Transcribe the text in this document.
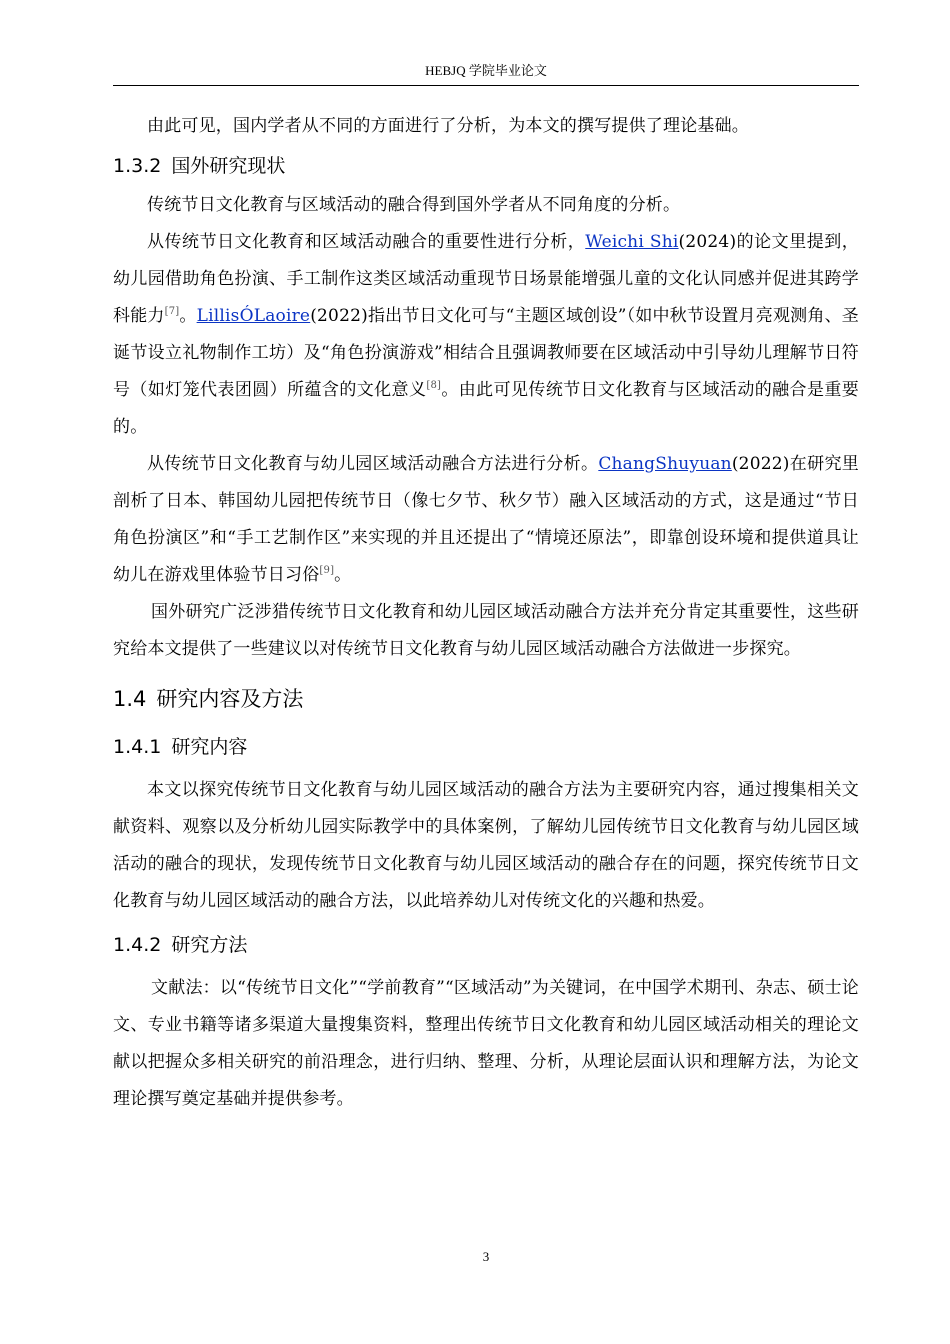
HEBJQ 学院毕业论文

由此可见，国内学者从不同的方面进行了分析，为本文的撰写提供了理论基础。

1.3.2 国外研究现状

传统节日文化教育与区域活动的融合得到国外学者从不同角度的分析。

从传统节日文化教育和区域活动融合的重要性进行分析，Weichi Shi(2024)的论文里提到，幼儿园借助角色扮演、手工制作这类区域活动重现节日场景能增强儿童的文化认同感并促进其跨学科能力[7]。LillisÓLaoire(2022)指出节日文化可与“主题区域创设”（如中秋节设置月亮观测角、圣诞节设立礼物制作工坊）及“角色扮演游戏”相结合且强调教师要在区域活动中引导幼儿理解节日符号（如灯笼代表团圆）所蕴含的文化意义[8]。由此可见传统节日文化教育与区域活动的融合是重要的。

从传统节日文化教育与幼儿园区域活动融合方法进行分析。ChangShuyuan(2022)在研究里剖析了日本、韩国幼儿园把传统节日（像七夕节、秋夕节）融入区域活动的方式，这是通过“节日角色扮演区”和“手工艺制作区”来实现的并且还提出了“情境还原法”，即靠创设环境和提供道具让幼儿在游戏里体验节日习俗[9]。

国外研究广泛涉猎传统节日文化教育和幼儿园区域活动融合方法并充分肯定其重要性，这些研究给本文提供了一些建议以对传统节日文化教育与幼儿园区域活动融合方法做进一步探究。

1.4 研究内容及方法
1.4.1 研究内容

本文以探究传统节日文化教育与幼儿园区域活动的融合方法为主要研究内容，通过搜集相关文献资料、观察以及分析幼儿园实际教学中的具体案例，了解幼儿园传统节日文化教育与幼儿园区域活动的融合的现状，发现传统节日文化教育与幼儿园区域活动的融合存在的问题，探究传统节日文化教育与幼儿园区域活动的融合方法，以此培养幼儿对传统文化的兴趣和热爱。

1.4.2 研究方法

文献法：以“传统节日文化”“学前教育”“区域活动”为关键词，在中国学术期刊、杂志、硕士论文、专业书籍等诸多渠道大量搜集资料，整理出传统节日文化教育和幼儿园区域活动相关的理论文献以把握众多相关研究的前沿理念，进行归纳、整理、分析，从理论层面认识和理解方法，为论文理论撰写奠定基础并提供参考。

3
